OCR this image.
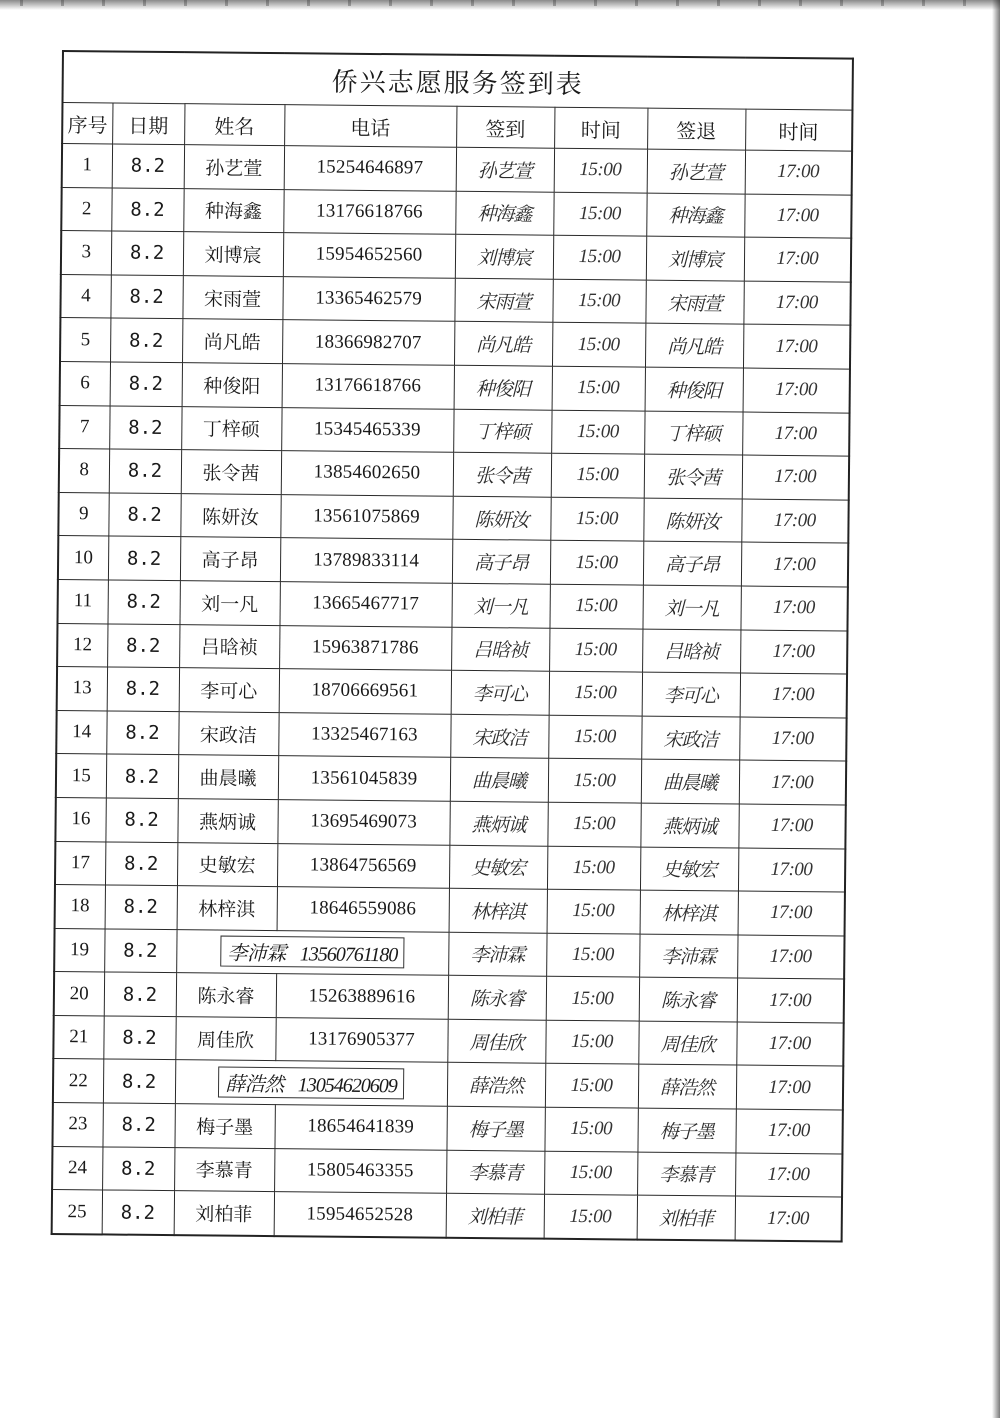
侨兴志愿服务签到表							
序号	日期	姓名	电话	签到	时间	签退	时间
1	8.2	孙艺萱	15254646897	孙艺萱	15:00	孙艺萱	17:00
2	8.2	种海鑫	13176618766	种海鑫	15:00	种海鑫	17:00
3	8.2	刘博宸	15954652560	刘博宸	15:00	刘博宸	17:00
4	8.2	宋雨萱	13365462579	宋雨萱	15:00	宋雨萱	17:00
5	8.2	尚凡皓	18366982707	尚凡皓	15:00	尚凡皓	17:00
6	8.2	种俊阳	13176618766	种俊阳	15:00	种俊阳	17:00
7	8.2	丁梓硕	15345465339	丁梓硕	15:00	丁梓硕	17:00
8	8.2	张令茜	13854602650	张令茜	15:00	张令茜	17:00
9	8.2	陈妍汝	13561075869	陈妍汝	15:00	陈妍汝	17:00
10	8.2	高子昂	13789833114	高子昂	15:00	高子昂	17:00
11	8.2	刘一凡	13665467717	刘一凡	15:00	刘一凡	17:00
12	8.2	吕晗祯	15963871786	吕晗祯	15:00	吕晗祯	17:00
13	8.2	李可心	18706669561	李可心	15:00	李可心	17:00
14	8.2	宋政洁	13325467163	宋政洁	15:00	宋政洁	17:00
15	8.2	曲晨曦	13561045839	曲晨曦	15:00	曲晨曦	17:00
16	8.2	燕炳诚	13695469073	燕炳诚	15:00	燕炳诚	17:00
17	8.2	史敏宏	13864756569	史敏宏	15:00	史敏宏	17:00
18	8.2	林梓淇	18646559086	林梓淇	15:00	林梓淇	17:00
19	8.2	李沛霖 13560761180		李沛霖	15:00	李沛霖	17:00
20	8.2	陈永睿	15263889616	陈永睿	15:00	陈永睿	17:00
21	8.2	周佳欣	13176905377	周佳欣	15:00	周佳欣	17:00
22	8.2	薛浩然 13054620609		薛浩然	15:00	薛浩然	17:00
23	8.2	梅子墨	18654641839	梅子墨	15:00	梅子墨	17:00
24	8.2	李慕青	15805463355	李慕青	15:00	李慕青	17:00
25	8.2	刘柏菲	15954652528	刘柏菲	15:00	刘柏菲	17:00
